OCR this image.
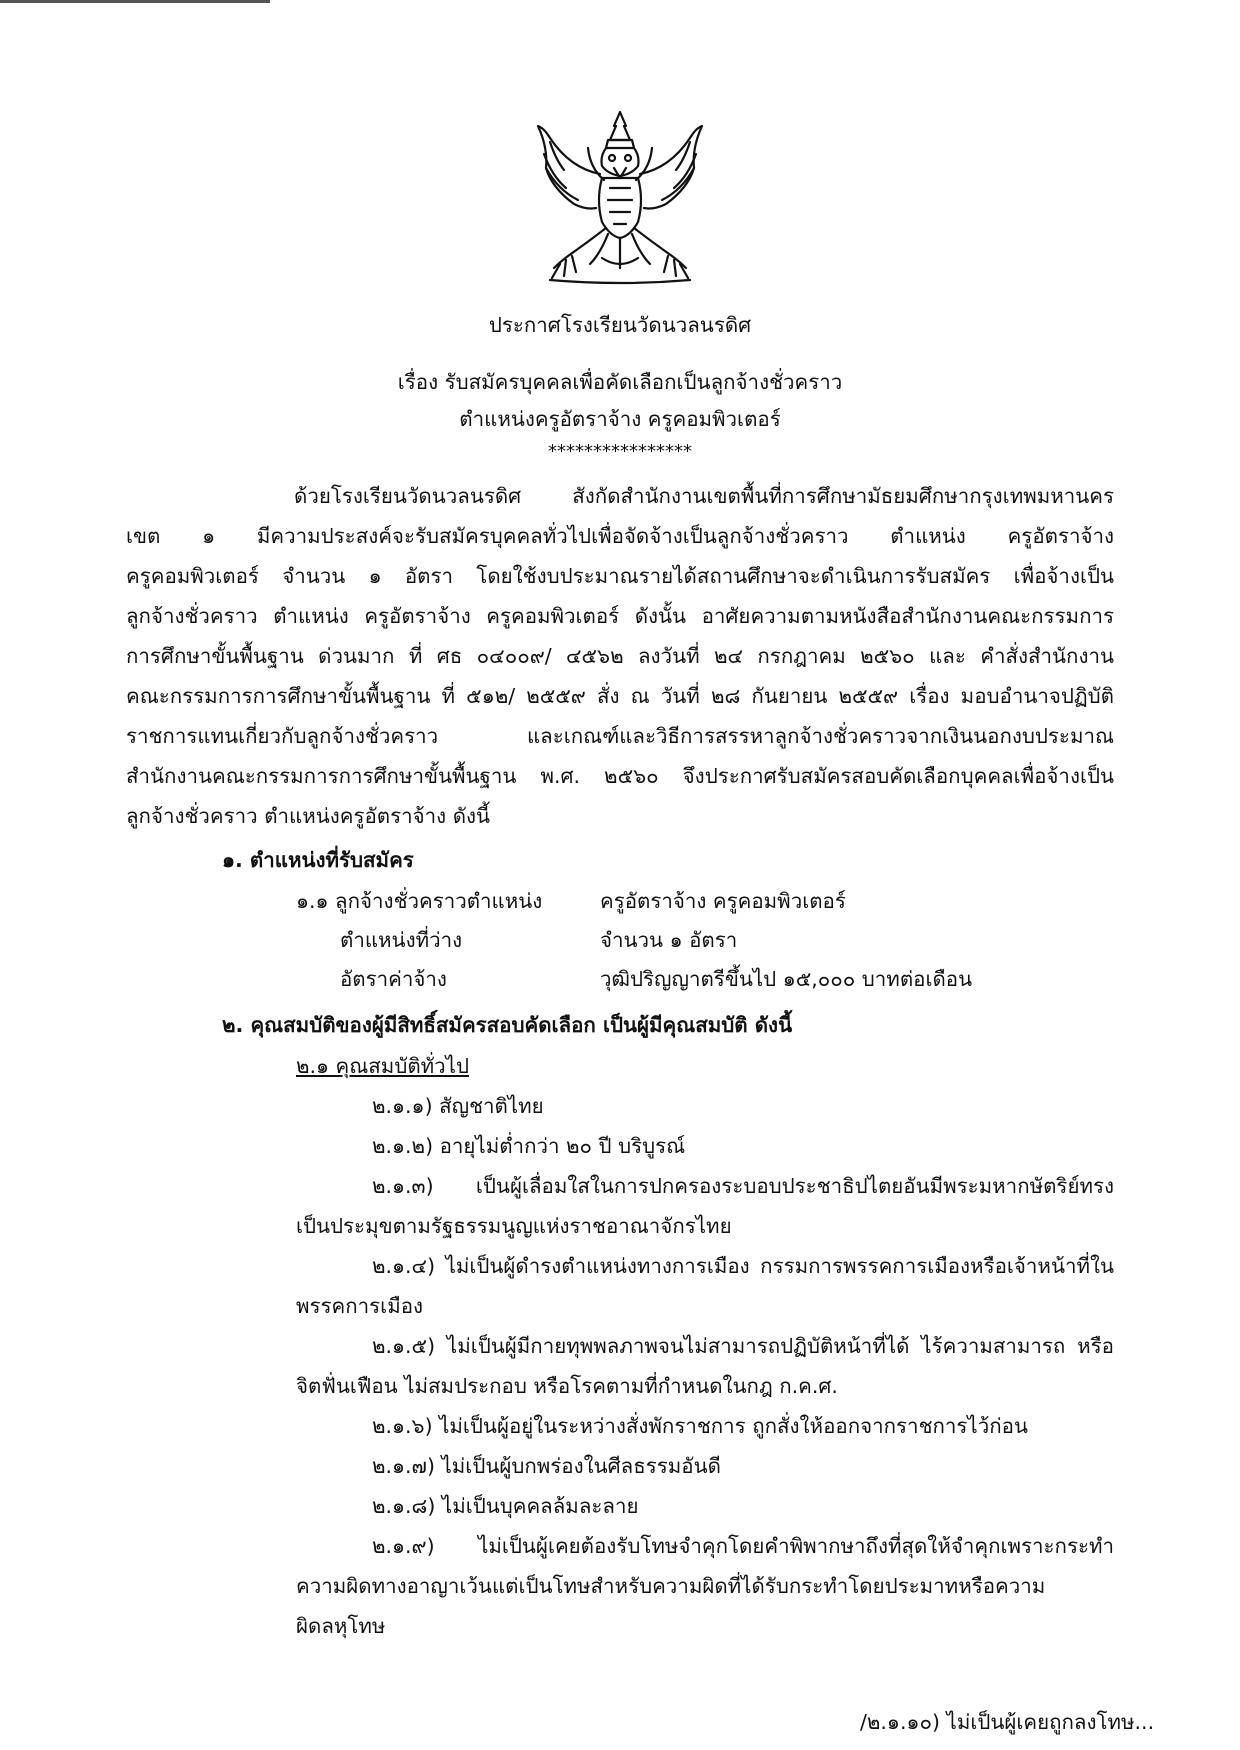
ประกาศโรงเรียนวัดนวลนรดิศ
เรื่อง รับสมัครบุคคลเพื่อคัดเลือกเป็นลูกจ้างชั่วคราว
ตำแหน่งครูอัตราจ้าง ครูคอมพิวเตอร์
****************
ด้วยโรงเรียนวัดนวลนรดิศ สังกัดสำนักงานเขตพื้นที่การศึกษามัธยมศึกษากรุงเทพมหานคร
เขต ๑ มีความประสงค์จะรับสมัครบุคคลทั่วไปเพื่อจัดจ้างเป็นลูกจ้างชั่วคราว ตำแหน่ง ครูอัตราจ้าง
ครูคอมพิวเตอร์ จำนวน ๑ อัตรา โดยใช้งบประมาณรายได้สถานศึกษาจะดำเนินการรับสมัคร เพื่อจ้างเป็น
ลูกจ้างชั่วคราว ตำแหน่ง ครูอัตราจ้าง ครูคอมพิวเตอร์ ดังนั้น อาศัยความตามหนังสือสำนักงานคณะกรรมการ
การศึกษาขั้นพื้นฐาน ด่วนมาก ที่ ศธ ๐๔๐๐๙/ ๔๕๖๒ ลงวันที่ ๒๔ กรกฎาคม ๒๕๖๐ และ คำสั่งสำนักงาน
คณะกรรมการการศึกษาขั้นพื้นฐาน ที่ ๕๑๒/ ๒๕๕๙ สั่ง ณ วันที่ ๒๘ กันยายน ๒๕๕๙ เรื่อง มอบอำนาจปฏิบัติ
ราชการแทนเกี่ยวกับลูกจ้างชั่วคราว และเกณฑ์และวิธีการสรรหาลูกจ้างชั่วคราวจากเงินนอกงบประมาณ
สำนักงานคณะกรรมการการศึกษาขั้นพื้นฐาน พ.ศ. ๒๕๖๐ จึงประกาศรับสมัครสอบคัดเลือกบุคคลเพื่อจ้างเป็น
ลูกจ้างชั่วคราว ตำแหน่งครูอัตราจ้าง ดังนี้
๑. ตำแหน่งที่รับสมัคร
๑.๑ ลูกจ้างชั่วคราวตำแหน่ง	ครูอัตราจ้าง ครูคอมพิวเตอร์
ตำแหน่งที่ว่าง	จำนวน ๑ อัตรา
อัตราค่าจ้าง	วุฒิปริญญาตรีขึ้นไป ๑๕,๐๐๐ บาทต่อเดือน
๒. คุณสมบัติของผู้มีสิทธิ์สมัครสอบคัดเลือก เป็นผู้มีคุณสมบัติ ดังนี้
๒.๑ คุณสมบัติทั่วไป
๒.๑.๑) สัญชาติไทย
๒.๑.๒) อายุไม่ต่ำกว่า ๒๐ ปี บริบูรณ์
๒.๑.๓) เป็นผู้เลื่อมใสในการปกครองระบอบประชาธิปไตยอันมีพระมหากษัตริย์ทรง
เป็นประมุขตามรัฐธรรมนูญแห่งราชอาณาจักรไทย
๒.๑.๔) ไม่เป็นผู้ดำรงตำแหน่งทางการเมือง กรรมการพรรคการเมืองหรือเจ้าหน้าที่ใน
พรรคการเมือง
๒.๑.๕) ไม่เป็นผู้มีกายทุพพลภาพจนไม่สามารถปฏิบัติหน้าที่ได้ ไร้ความสามารถ หรือ
จิตฟั่นเฟือน ไม่สมประกอบ หรือโรคตามที่กำหนดในกฎ ก.ค.ศ.
๒.๑.๖) ไม่เป็นผู้อยู่ในระหว่างสั่งพักราชการ ถูกสั่งให้ออกจากราชการไว้ก่อน
๒.๑.๗) ไม่เป็นผู้บกพร่องในศีลธรรมอันดี
๒.๑.๘) ไม่เป็นบุคคลล้มละลาย
๒.๑.๙) ไม่เป็นผู้เคยต้องรับโทษจำคุกโดยคำพิพากษาถึงที่สุดให้จำคุกเพราะกระทำ
ความผิดทางอาญาเว้นแต่เป็นโทษสำหรับความผิดที่ได้รับกระทำโดยประมาทหรือความ
ผิดลหุโทษ
/๒.๑.๑๐) ไม่เป็นผู้เคยถูกลงโทษ...
